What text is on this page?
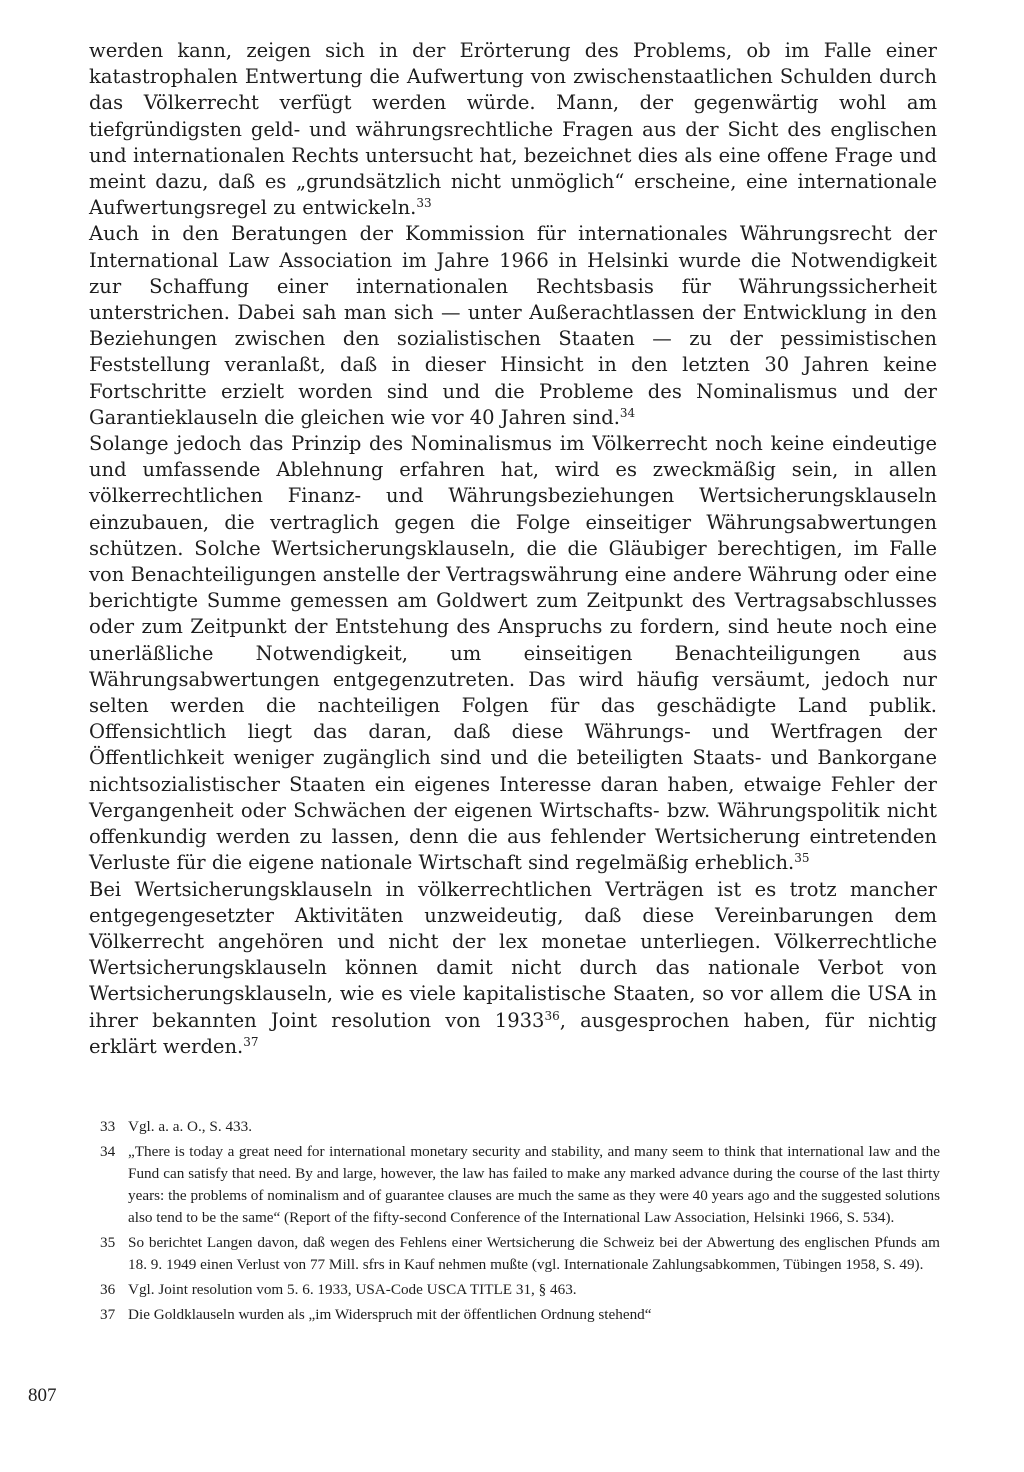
werden kann, zeigen sich in der Erörterung des Problems, ob im Falle einer katastrophalen Entwertung die Aufwertung von zwischenstaatlichen Schulden durch das Völkerrecht verfügt werden würde. Mann, der gegenwärtig wohl am tiefgründigsten geld- und währungsrechtliche Fragen aus der Sicht des englischen und internationalen Rechts untersucht hat, bezeichnet dies als eine offene Frage und meint dazu, daß es „grundsätzlich nicht unmöglich“ erscheine, eine internationale Aufwertungsregel zu entwickeln.$^{33}$

Auch in den Beratungen der Kommission für internationales Währungsrecht der International Law Association im Jahre 1966 in Helsinki wurde die Notwendigkeit zur Schaffung einer internationalen Rechtsbasis für Währungssicherheit unterstrichen. Dabei sah man sich — unter Außerachtlassen der Entwicklung in den Beziehungen zwischen den sozialistischen Staaten — zu der pessimistischen Feststellung veranlaßt, daß in dieser Hinsicht in den letzten 30 Jahren keine Fortschritte erzielt worden sind und die Probleme des Nominalismus und der Garantieklauseln die gleichen wie vor 40 Jahren sind.$^{34}$

Solange jedoch das Prinzip des Nominalismus im Völkerrecht noch keine eindeutige und umfassende Ablehnung erfahren hat, wird es zweckmäßig sein, in allen völkerrechtlichen Finanz- und Währungsbeziehungen Wertsicherungsklauseln einzubauen, die vertraglich gegen die Folge einseitiger Währungsabwertungen schützen. Solche Wertsicherungsklauseln, die die Gläubiger berechtigen, im Falle von Benachteiligungen anstelle der Vertragswährung eine andere Währung oder eine berichtigte Summe gemessen am Goldwert zum Zeitpunkt des Vertragsabschlusses oder zum Zeitpunkt der Entstehung des Anspruchs zu fordern, sind heute noch eine unerläßliche Notwendigkeit, um einseitigen Benachteiligungen aus Währungsabwertungen entgegenzutreten. Das wird häufig versäumt, jedoch nur selten werden die nachteiligen Folgen für das geschädigte Land publik. Offensichtlich liegt das daran, daß diese Währungs- und Wertfragen der Öffentlichkeit weniger zugänglich sind und die beteiligten Staats- und Bankorgane nichtsozialistischer Staaten ein eigenes Interesse daran haben, etwaige Fehler der Vergangenheit oder Schwächen der eigenen Wirtschafts- bzw. Währungspolitik nicht offenkundig werden zu lassen, denn die aus fehlender Wertsicherung eintretenden Verluste für die eigene nationale Wirtschaft sind regelmäßig erheblich.$^{35}$

Bei Wertsicherungsklauseln in völkerrechtlichen Verträgen ist es trotz mancher entgegengesetzter Aktivitäten unzweideutig, daß diese Vereinbarungen dem Völkerrecht angehören und nicht der lex monetae unterliegen. Völkerrechtliche Wertsicherungsklauseln können damit nicht durch das nationale Verbot von Wertsicherungsklauseln, wie es viele kapitalistische Staaten, so vor allem die USA in ihrer bekannten Joint resolution von 1933$^{36}$, ausgesprochen haben, für nichtig erklärt werden.$^{37}$

33 Vgl. a. a. O., S. 433.
34 „There is today a great need for international monetary security and stability, and many seem to think that international law and the Fund can satisfy that need. By and large, however, the law has failed to make any marked advance during the course of the last thirty years: the problems of nominalism and of guarantee clauses are much the same as they were 40 years ago and the suggested solutions also tend to be the same“ (Report of the fifty-second Conference of the International Law Association, Helsinki 1966, S. 534).
35 So berichtet Langen davon, daß wegen des Fehlens einer Wertsicherung die Schweiz bei der Abwertung des englischen Pfunds am 18. 9. 1949 einen Verlust von 77 Mill. sfrs in Kauf nehmen mußte (vgl. Internationale Zahlungsabkommen, Tübingen 1958, S. 49).
36 Vgl. Joint resolution vom 5. 6. 1933, USA-Code USCA TITLE 31, § 463.
37 Die Goldklauseln wurden als „im Widerspruch mit der öffentlichen Ordnung stehend“
807
